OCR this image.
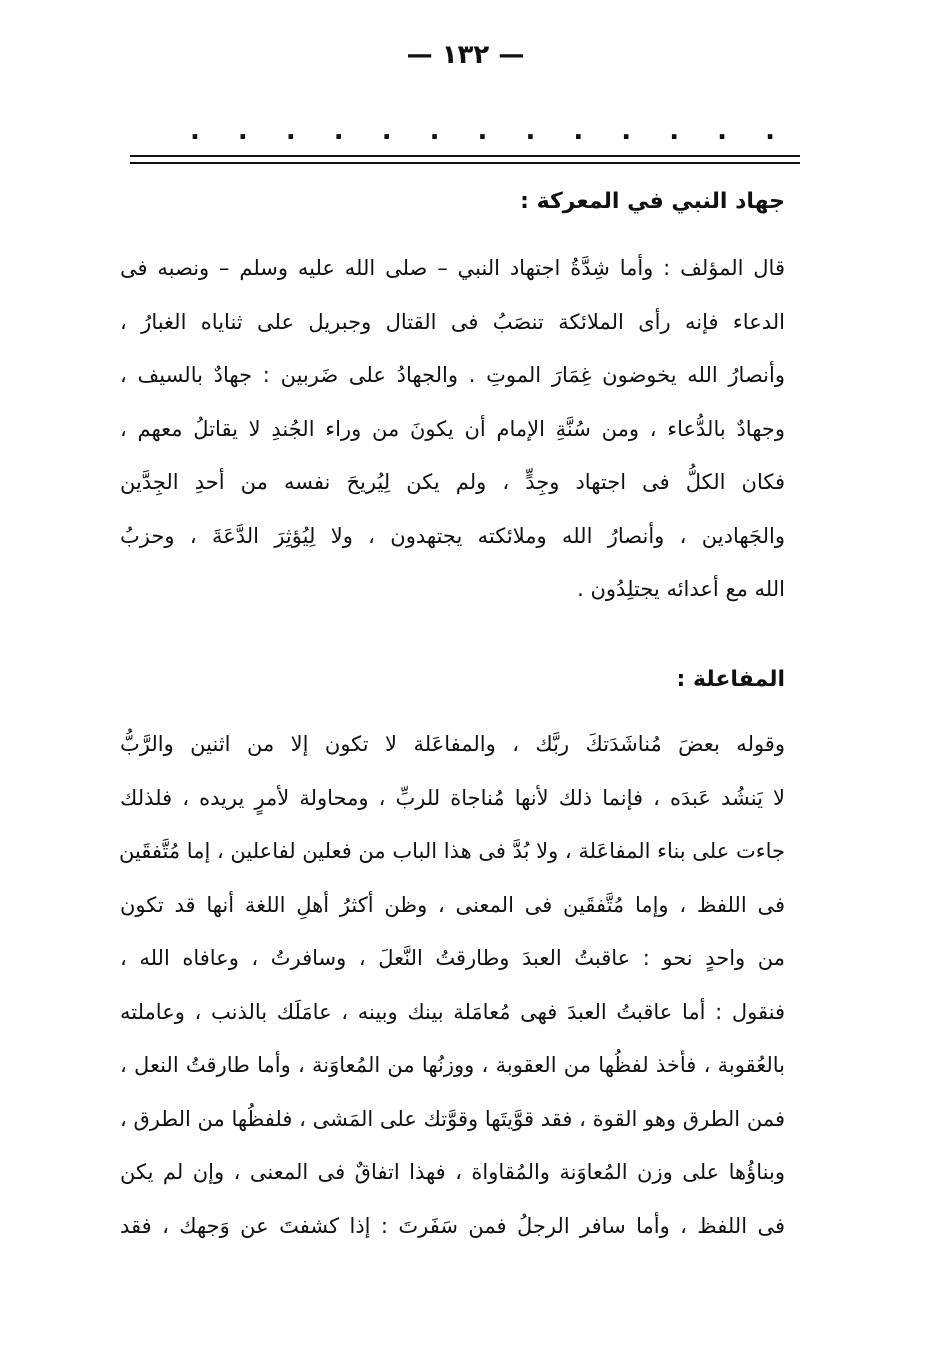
— ١٣٢ —
. . . . . . . . . . . . .

جهاد النبي في المعركة :

قال المؤلف : وأما شِدَّةُ اجتهاد النبي – صلى الله عليه وسلم – ونصبه فى
الدعاء فإنه رأى الملائكة تنصَبُ فى القتال وجبريل على ثناياه الغبارُ ،
وأنصارُ الله يخوضون غِمَارَ الموتِ . والجهادُ على ضَربين : جهادٌ بالسيف ،
وجهادٌ بالدُّعاء ، ومن سُنَّةِ الإمام أن يكونَ من وراء الجُندِ لا يقاتلُ معهم ،
فكان الكلُّ فى اجتهاد وجِدٍّ ، ولم يكن لِيُريحَ نفسه من أحدِ الجِدَّين
والجَهادين ، وأنصارُ الله وملائكته يجتهدون ، ولا لِيُؤثِرَ الدَّعَةَ ، وحزبُ
الله مع أعدائه يجتلِدُون .

المفاعلة :

وقوله بعضَ مُناشَدَتكَ ربَّك ، والمفاعَلة لا تكون إلا من اثنين والرَّبُّ
لا يَنشُد عَبدَه ، فإنما ذلك لأنها مُناجاة للربِّ ، ومحاولة لأمرٍ يريده ، فلذلك
جاءت على بناء المفاعَلة ، ولا بُدَّ فى هذا الباب من فعلين لفاعلين ، إما مُتَّفقَين
فى اللفظ ، وإما مُتَّفقَين فى المعنى ، وظن أكثرُ أهلِ اللغة أنها قد تكون
من واحدٍ نحو : عاقبتُ العبدَ وطارقتُ النَّعلَ ، وسافرتُ ، وعافاه الله ،
فنقول : أما عاقبتُ العبدَ فهى مُعامَلة بينك وبينه ، عامَلَك بالذنب ، وعاملته
بالعُقوبة ، فأخذ لفظُها من العقوبة ، ووزنُها من المُعاوَنة ، وأما طارقتُ النعل ،
فمن الطرق وهو القوة ، فقد قوَّيتَها وقوَّتك على المَشى ، فلفظُها من الطرق ،
وبناؤُها على وزن المُعاوَنة والمُقاواة ، فهذا اتفاقٌ فى المعنى ، وإن لم يكن
فى اللفظ ، وأما سافر الرجلُ فمن سَفَرتَ : إذا كشفتَ عن وَجهك ، فقد
